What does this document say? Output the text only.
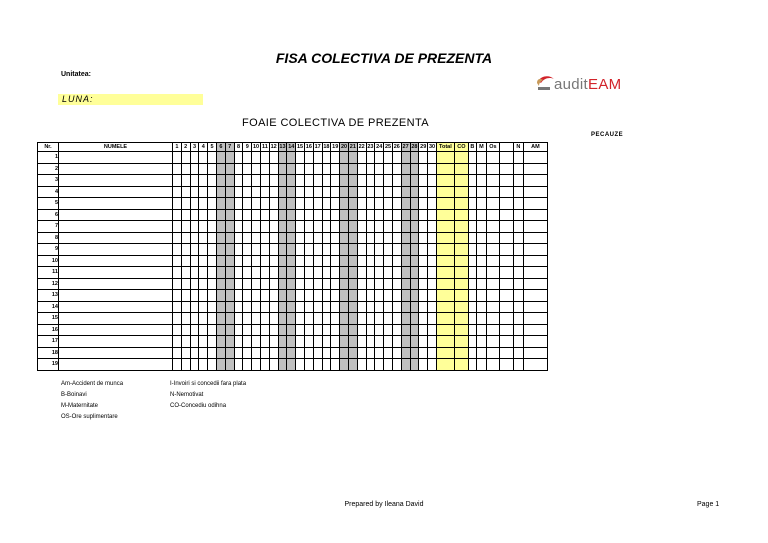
FISA COLECTIVA DE PREZENTA
Unitatea:
LUNA:
auditEAM
FOAIE COLECTIVA DE PREZENTA
PECAUZE
Nr.	NUMELE	1	2	3	4	5	6	7	8	9	10	11	12	13	14	15	16	17	18	19	20	21	22	23	24	25	26	27	28	29	30	Total	CO	B	M	Os		N	AM
1																																							
2																																							
3																																							
4																																							
5																																							
6																																							
7																																							
8																																							
9																																							
10																																							
11																																							
12																																							
13																																							
14																																							
15																																							
16																																							
17																																							
18																																							
19																																							
Am-Accident de munca	I-Invoiri si concedii fara plata
B-Boinavi	N-Nemotivat
M-Maternitate	CO-Concediu odihna
OS-Ore suplimentare
Prepared by Ileana David	Page 1
